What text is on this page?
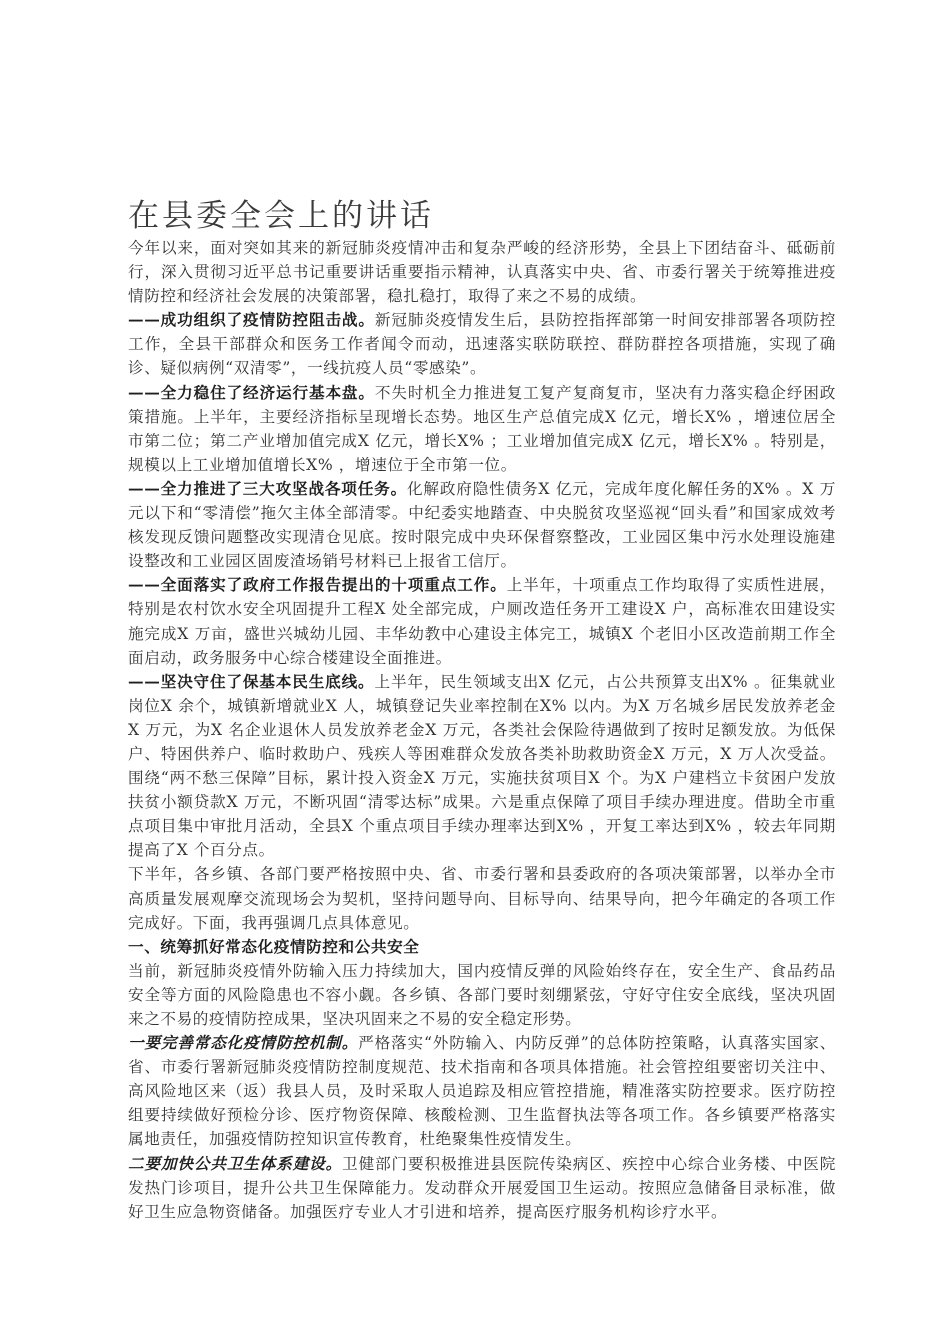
在县委全会上的讲话

今年以来，面对突如其来的新冠肺炎疫情冲击和复杂严峻的经济形势，全县上下团结奋斗、砥砺前行，深入贯彻习近平总书记重要讲话重要指示精神，认真落实中央、省、市委行署关于统筹推进疫情防控和经济社会发展的决策部署，稳扎稳打，取得了来之不易的成绩。

——成功组织了疫情防控阻击战。新冠肺炎疫情发生后，县防控指挥部第一时间安排部署各项防控工作，全县干部群众和医务工作者闻令而动，迅速落实联防联控、群防群控各项措施，实现了确诊、疑似病例“双清零”，一线抗疫人员“零感染”。

——全力稳住了经济运行基本盘。不失时机全力推进复工复产复商复市，坚决有力落实稳企纾困政策措施。上半年，主要经济指标呈现增长态势。地区生产总值完成X 亿元，增长X% ，增速位居全市第二位；第二产业增加值完成X 亿元，增长X% ；工业增加值完成X 亿元，增长X% 。特别是，规模以上工业增加值增长X% ，增速位于全市第一位。

——全力推进了三大攻坚战各项任务。化解政府隐性债务X 亿元，完成年度化解任务的X% 。X 万元以下和“零清偿”拖欠主体全部清零。中纪委实地踏查、中央脱贫攻坚巡视“回头看”和国家成效考核发现反馈问题整改实现清仓见底。按时限完成中央环保督察整改，工业园区集中污水处理设施建设整改和工业园区固废渣场销号材料已上报省工信厅。

——全面落实了政府工作报告提出的十项重点工作。上半年，十项重点工作均取得了实质性进展，特别是农村饮水安全巩固提升工程X 处全部完成，户厕改造任务开工建设X 户，高标准农田建设实施完成X 万亩，盛世兴城幼儿园、丰华幼教中心建设主体完工，城镇X 个老旧小区改造前期工作全面启动，政务服务中心综合楼建设全面推进。

——坚决守住了保基本民生底线。上半年，民生领域支出X 亿元，占公共预算支出X% 。征集就业岗位X 余个，城镇新增就业X 人，城镇登记失业率控制在X% 以内。为X 万名城乡居民发放养老金X 万元，为X 名企业退休人员发放养老金X 万元，各类社会保险待遇做到了按时足额发放。为低保户、特困供养户、临时救助户、残疾人等困难群众发放各类补助救助资金X 万元，X 万人次受益。围绕“两不愁三保障”目标，累计投入资金X 万元，实施扶贫项目X 个。为X 户建档立卡贫困户发放扶贫小额贷款X 万元，不断巩固“清零达标”成果。六是重点保障了项目手续办理进度。借助全市重点项目集中审批月活动，全县X 个重点项目手续办理率达到X% ，开复工率达到X% ，较去年同期提高了X 个百分点。

下半年，各乡镇、各部门要严格按照中央、省、市委行署和县委政府的各项决策部署，以举办全市高质量发展观摩交流现场会为契机，坚持问题导向、目标导向、结果导向，把今年确定的各项工作完成好。下面，我再强调几点具体意见。

一、统筹抓好常态化疫情防控和公共安全

当前，新冠肺炎疫情外防输入压力持续加大，国内疫情反弹的风险始终存在，安全生产、食品药品安全等方面的风险隐患也不容小觑。各乡镇、各部门要时刻绷紧弦，守好守住安全底线，坚决巩固来之不易的疫情防控成果，坚决巩固来之不易的安全稳定形势。

一要完善常态化疫情防控机制。严格落实“外防输入、内防反弹”的总体防控策略，认真落实国家、省、市委行署新冠肺炎疫情防控制度规范、技术指南和各项具体措施。社会管控组要密切关注中、高风险地区来（返）我县人员，及时采取人员追踪及相应管控措施，精准落实防控要求。医疗防控组要持续做好预检分诊、医疗物资保障、核酸检测、卫生监督执法等各项工作。各乡镇要严格落实属地责任，加强疫情防控知识宣传教育，杜绝聚集性疫情发生。

二要加快公共卫生体系建设。卫健部门要积极推进县医院传染病区、疾控中心综合业务楼、中医院发热门诊项目，提升公共卫生保障能力。发动群众开展爱国卫生运动。按照应急储备目录标准，做好卫生应急物资储备。加强医疗专业人才引进和培养，提高医疗服务机构诊疗水平。
